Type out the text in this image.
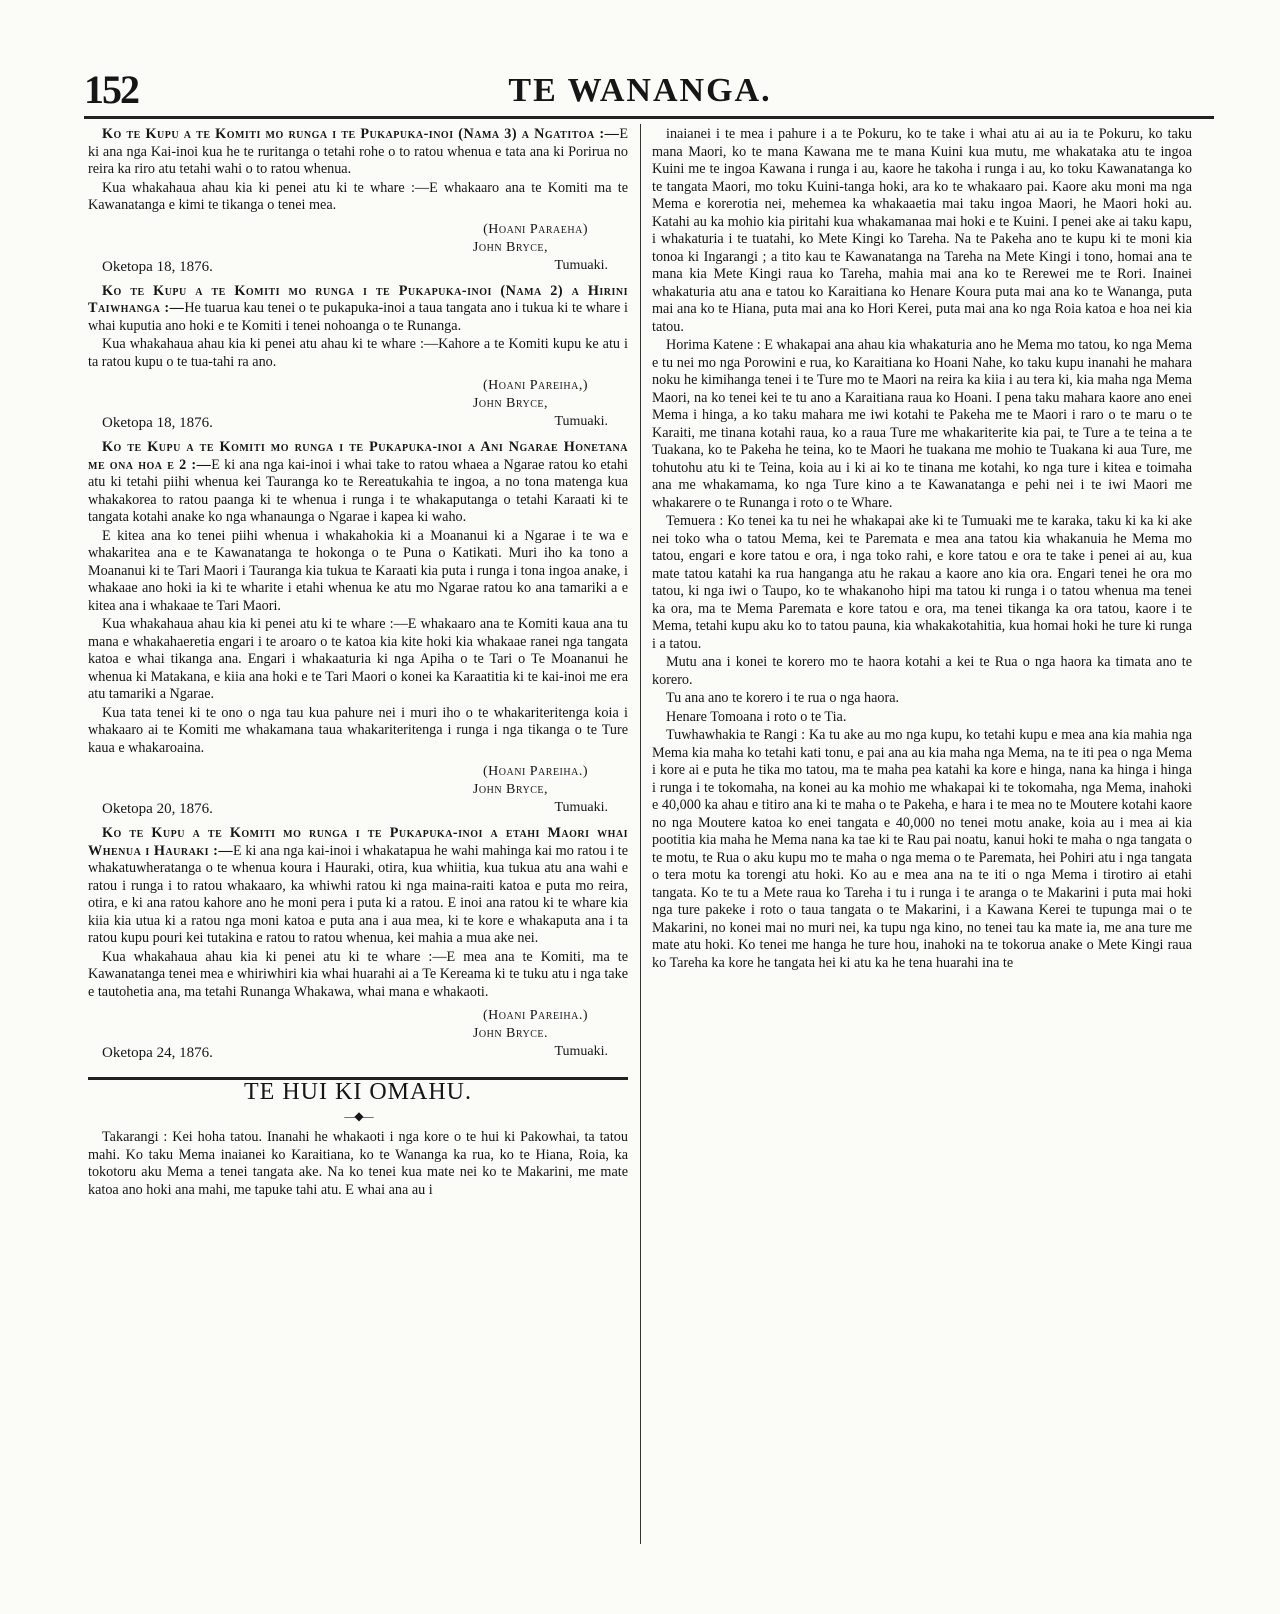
152	TE WANANGA.

Ko te Kupu a te Komiti mo runga i te Pukapuka-inoi (Nama 3) a Ngatitoa :—E ki ana nga Kai-inoi kua he te ruritanga o tetahi rohe o to ratou whenua e tata ana ki Porirua no reira ka riro atu tetahi wahi o to ratou whenua.

Kua whakahaua ahau kia ki penei atu ki te whare :—E whakaaro ana te Komiti ma te Kawanatanga e kimi te tikanga o tenei mea.

(Hoani Paraeha)
John Bryce,
Tumuaki.
Oketopa 18, 1876.

Ko te Kupu a te Komiti mo runga i te Pukapuka-inoi (Nama 2) a Hirini Taiwhanga :—He tuarua kau tenei o te pukapuka-inoi a taua tangata ano i tukua ki te whare i whai kuputia ano hoki e te Komiti i tenei nohoanga o te Runanga.

Kua whakahaua ahau kia ki penei atu ahau ki te whare :—Kahore a te Komiti kupu ke atu i ta ratou kupu o te tua-tahi ra ano.

(Hoani Pareiha,)
John Bryce,
Tumuaki.
Oketopa 18, 1876.

Ko te Kupu a te Komiti mo runga i te Pukapuka-inoi a Ani Ngarae Honetana me ona hoa e 2 :—E ki ana nga kai-inoi i whai take to ratou whaea a Ngarae ratou ko etahi atu ki tetahi piihi whenua kei Tauranga ko te Rereatukahia te ingoa, a no tona matenga kua whakakorea to ratou paanga ki te whenua i runga i te whakaputanga o tetahi Karaati ki te tangata kotahi anake ko nga whanaunga o Ngarae i kapea ki waho.

E kitea ana ko tenei piihi whenua i whakahokia ki a Moananui ki a Ngarae i te wa e whakaritea ana e te Kawanatanga te hokonga o te Puna o Katikati. Muri iho ka tono a Moananui ki te Tari Maori i Tauranga kia tukua te Karaati kia puta i runga i tona ingoa anake, i whakaae ano hoki ia ki te wharite i etahi whenua ke atu mo Ngarae ratou ko ana tamariki a e kitea ana i whakaae te Tari Maori.

Kua whakahaua ahau kia ki penei atu ki te whare :—E whakaaro ana te Komiti kaua ana tu mana e whakahaeretia engari i te aroaro o te katoa kia kite hoki kia whakaae ranei nga tangata katoa e whai tikanga ana. Engari i whakaaturia ki nga Apiha o te Tari o Te Moananui he whenua ki Matakana, e kiia ana hoki e te Tari Maori o konei ka Karaatitia ki te kai-inoi me era atu tamariki a Ngarae.

Kua tata tenei ki te ono o nga tau kua pahure nei i muri iho o te whakariteritenga koia i whakaaro ai te Komiti me whakamana taua whakariteritenga i runga i nga tikanga o te Ture kaua e whakaroaina.

(Hoani Pareiha.)
John Bryce,
Tumuaki.
Oketopa 20, 1876.

Ko te Kupu a te Komiti mo runga i te Pukapuka-inoi a etahi Maori whai Whenua i Hauraki :—E ki ana nga kai-inoi i whakatapua he wahi mahinga kai mo ratou i te whakatuwheratanga o te whenua koura i Hauraki, otira, kua whiitia, kua tukua atu ana wahi e ratou i runga i to ratou whakaaro, ka whiwhi ratou ki nga maina-raiti katoa e puta mo reira, otira, e ki ana ratou kahore ano he moni pera i puta ki a ratou. E inoi ana ratou ki te whare kia kiia kia utua ki a ratou nga moni katoa e puta ana i aua mea, ki te kore e whakaputa ana i ta ratou kupu pouri kei tutakina e ratou to ratou whenua, kei mahia a mua ake nei.

Kua whakahaua ahau kia ki penei atu ki te whare :—E mea ana te Komiti, ma te Kawanatanga tenei mea e whiriwhiri kia whai huarahi ai a Te Kereama ki te tuku atu i nga take e tautohetia ana, ma tetahi Runanga Whakawa, whai mana e whakaoti.

(Hoani Pareiha.)
John Bryce.
Tumuaki.
Oketopa 24, 1876.
TE HUI KI OMAHU.
—◆—

Takarangi : Kei hoha tatou. Inanahi he whakaoti i nga kore o te hui ki Pakowhai, ta tatou mahi. Ko taku Mema inaianei ko Karaitiana, ko te Wananga ka rua, ko te Hiana, Roia, ka tokotoru aku Mema a tenei tangata ake. Na ko tenei kua mate nei ko te Makarini, me mate katoa ano hoki ana mahi, me tapuke tahi atu. E whai ana au i

inaianei i te mea i pahure i a te Pokuru, ko te take i whai atu ai au ia te Pokuru, ko taku mana Maori, ko te mana Kawana me te mana Kuini kua mutu, me whakataka atu te ingoa Kuini me te ingoa Kawana i runga i au, kaore he takoha i runga i au, ko toku Kawanatanga ko te tangata Maori, mo toku Kuini-tanga hoki, ara ko te whakaaro pai. Kaore aku moni ma nga Mema e korerotia nei, mehemea ka whakaaetia mai taku ingoa Maori, he Maori hoki au. Katahi au ka mohio kia piritahi kua whakamanaa mai hoki e te Kuini. I penei ake ai taku kapu, i whakaturia i te tuatahi, ko Mete Kingi ko Tareha. Na te Pakeha ano te kupu ki te moni kia tonoa ki Ingarangi ; a tito kau te Kawanatanga na Tareha na Mete Kingi i tono, homai ana te mana kia Mete Kingi raua ko Tareha, mahia mai ana ko te Rerewei me te Rori. Inainei whakaturia atu ana e tatou ko Karaitiana ko Henare Koura puta mai ana ko te Wananga, puta mai ana ko te Hiana, puta mai ana ko Hori Kerei, puta mai ana ko nga Roia katoa e hoa nei kia tatou.

Horima Katene : E whakapai ana ahau kia whakaturia ano he Mema mo tatou, ko nga Mema e tu nei mo nga Porowini e rua, ko Karaitiana ko Hoani Nahe, ko taku kupu inanahi he mahara noku he kimihanga tenei i te Ture mo te Maori na reira ka kiia i au tera ki, kia maha nga Mema Maori, na ko tenei kei te tu ano a Karaitiana raua ko Hoani. I pena taku mahara kaore ano enei Mema i hinga, a ko taku mahara me iwi kotahi te Pakeha me te Maori i raro o te maru o te Karaiti, me tinana kotahi raua, ko a raua Ture me whakariterite kia pai, te Ture a te teina a te Tuakana, ko te Pakeha he teina, ko te Maori he tuakana me mohio te Tuakana ki aua Ture, me tohutohu atu ki te Teina, koia au i ki ai ko te tinana me kotahi, ko nga ture i kitea e toimaha ana me whakamama, ko nga Ture kino a te Kawanatanga e pehi nei i te iwi Maori me whakarere o te Runanga i roto o te Whare.

Temuera : Ko tenei ka tu nei he whakapai ake ki te Tumuaki me te karaka, taku ki ka ki ake nei toko wha o tatou Mema, kei te Paremata e mea ana tatou kia whakanuia he Mema mo tatou, engari e kore tatou e ora, i nga toko rahi, e kore tatou e ora te take i penei ai au, kua mate tatou katahi ka rua hanganga atu he rakau a kaore ano kia ora. Engari tenei he ora mo tatou, ki nga iwi o Taupo, ko te whakanoho hipi ma tatou ki runga i o tatou whenua ma tenei ka ora, ma te Mema Paremata e kore tatou e ora, ma tenei tikanga ka ora tatou, kaore i te Mema, tetahi kupu aku ko to tatou pauna, kia whakakotahitia, kua homai hoki he ture ki runga i a tatou.

Mutu ana i konei te korero mo te haora kotahi a kei te Rua o nga haora ka timata ano te korero.

Tu ana ano te korero i te rua o nga haora.

Henare Tomoana i roto o te Tia.

Tuwhawhakia te Rangi : Ka tu ake au mo nga kupu, ko tetahi kupu e mea ana kia mahia nga Mema kia maha ko tetahi kati tonu, e pai ana au kia maha nga Mema, na te iti pea o nga Mema i kore ai e puta he tika mo tatou, ma te maha pea katahi ka kore e hinga, nana ka hinga i hinga i runga i te tokomaha, na konei au ka mohio me whakapai ki te tokomaha, nga Mema, inahoki e 40,000 ka ahau e titiro ana ki te maha o te Pakeha, e hara i te mea no te Moutere kotahi kaore no nga Moutere katoa ko enei tangata e 40,000 no tenei motu anake, koia au i mea ai kia pootitia kia maha he Mema nana ka tae ki te Rau pai noatu, kanui hoki te maha o nga tangata o te motu, te Rua o aku kupu mo te maha o nga mema o te Paremata, hei Pohiri atu i nga tangata o tera motu ka torengi atu hoki. Ko au e mea ana na te iti o nga Mema i tirotiro ai etahi tangata. Ko te tu a Mete raua ko Tareha i tu i runga i te aranga o te Makarini i puta mai hoki nga ture pakeke i roto o taua tangata o te Makarini, i a Kawana Kerei te tupunga mai o te Makarini, no konei mai no muri nei, ka tupu nga kino, no tenei tau ka mate ia, me ana ture me mate atu hoki. Ko tenei me hanga he ture hou, inahoki na te tokorua anake o Mete Kingi raua ko Tareha ka kore he tangata hei ki atu ka he tena huarahi ina te
